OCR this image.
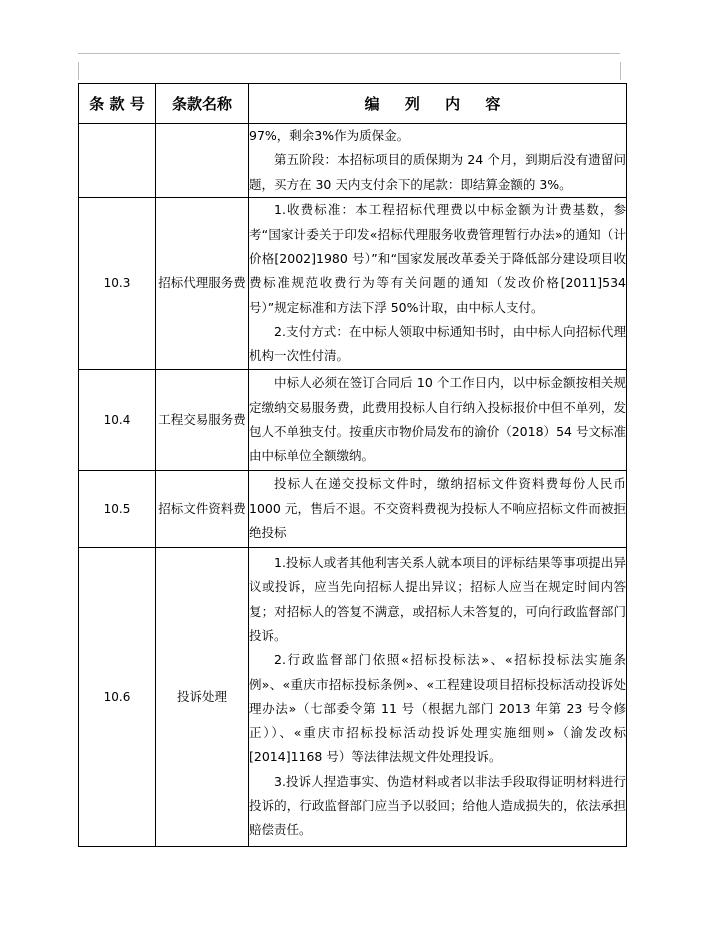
条 款 号	条款名称	编 列 内 容

		97%，剩余3%作为质保金。

第五阶段：本招标项目的质保期为 24 个月，到期后没有遗留问题，买方在 30 天内支付余下的尾款：即结算金额的 3%。

10.3	招标代理服务费	1.收费标准：本工程招标代理费以中标金额为计费基数，参考“国家计委关于印发«招标代理服务收费管理暂行办法»的通知（计价格[2002]1980 号）”和“国家发展改革委关于降低部分建设项目收费标准规范收费行为等有关问题的通知（发改价格[2011]534 号）”规定标准和方法下浮 50%计取，由中标人支付。

2.支付方式：在中标人领取中标通知书时，由中标人向招标代理机构一次性付清。

10.4	工程交易服务费	中标人必须在签订合同后 10 个工作日内，以中标金额按相关规定缴纳交易服务费，此费用投标人自行纳入投标报价中但不单列，发包人不单独支付。按重庆市物价局发布的渝价（2018）54 号文标准由中标单位全额缴纳。

10.5	招标文件资料费	投标人在递交投标文件时，缴纳招标文件资料费每份人民币 1000 元，售后不退。不交资料费视为投标人不响应招标文件而被拒绝投标

10.6	投诉处理	1.投标人或者其他利害关系人就本项目的评标结果等事项提出异议或投诉，应当先向招标人提出异议；招标人应当在规定时间内答复；对招标人的答复不满意，或招标人未答复的，可向行政监督部门投诉。

2.行政监督部门依照«招标投标法»、«招标投标法实施条例»、«重庆市招标投标条例»、«工程建设项目招标投标活动投诉处理办法»（七部委令第 11 号（根据九部门 2013 年第 23 号令修正））、«重庆市招标投标活动投诉处理实施细则»（渝发改标[2014]1168 号）等法律法规文件处理投诉。

3.投诉人捏造事实、伪造材料或者以非法手段取得证明材料进行投诉的，行政监督部门应当予以驳回；给他人造成损失的，依法承担赔偿责任。
